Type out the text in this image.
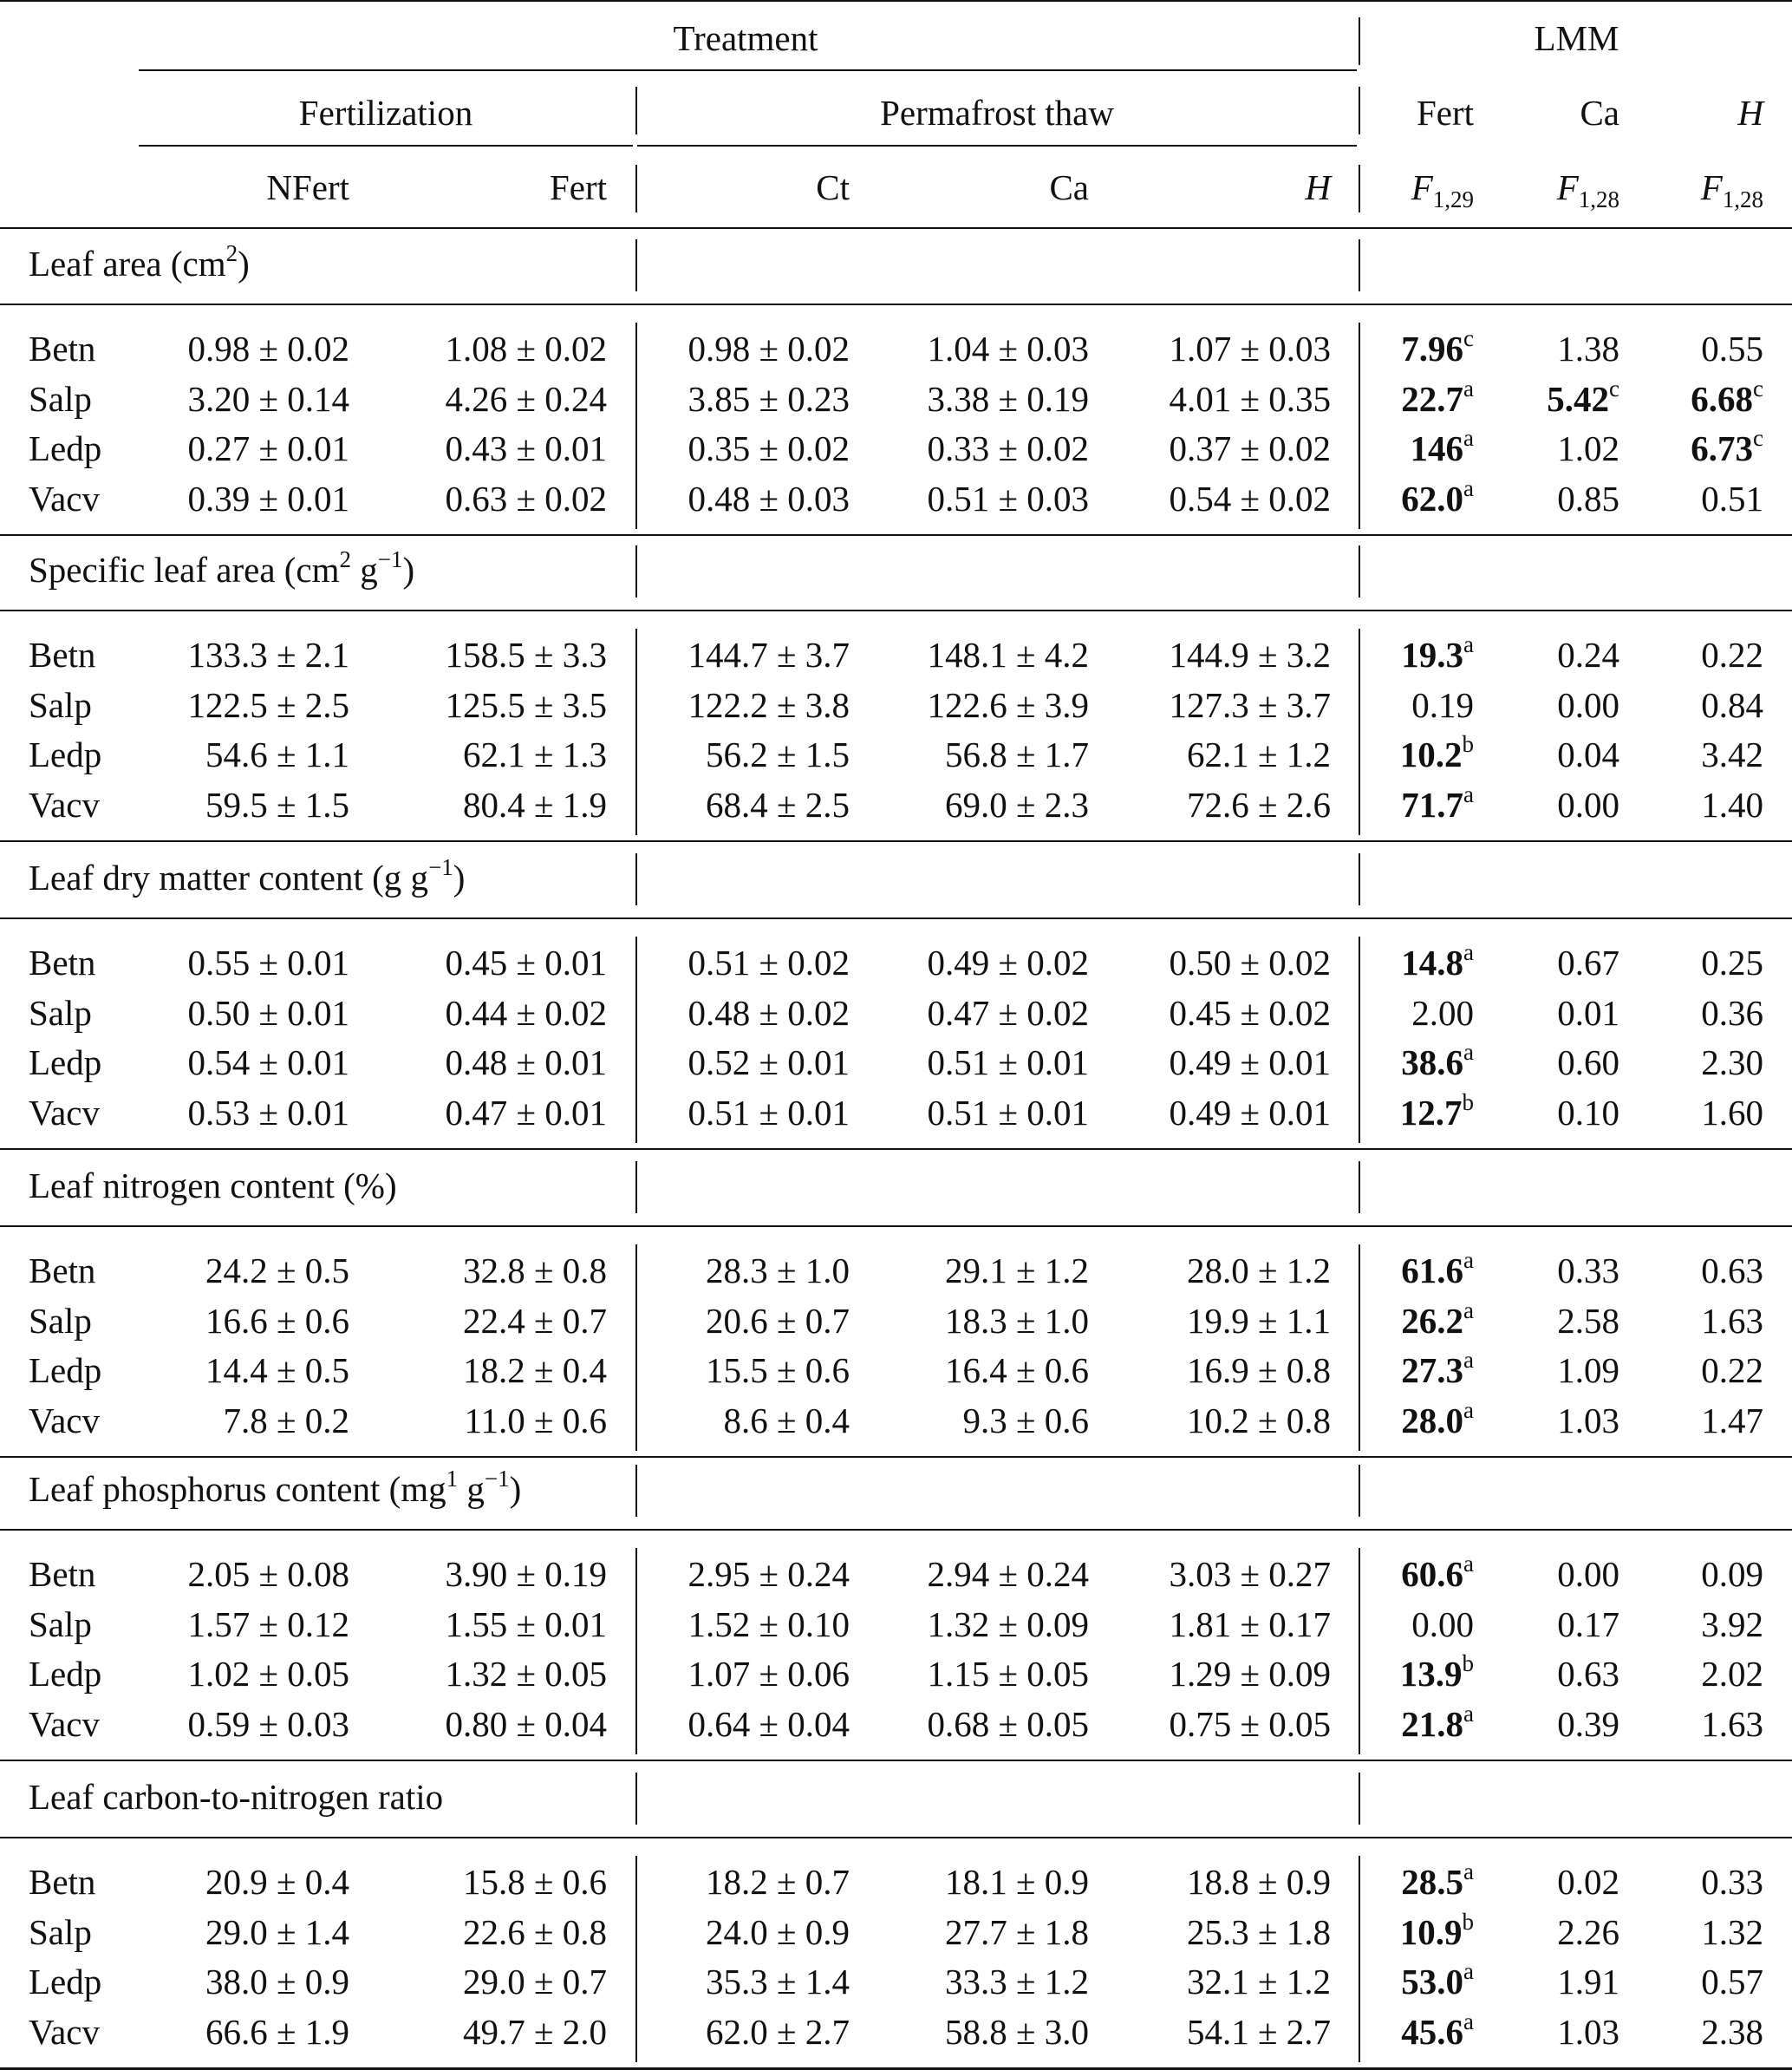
Treatment	LMM
Fertilization	Permafrost thaw	Fert	Ca	H
NFert	Fert	Ct	Ca	H	$F_{1,29}$	$F_{1,28}$	$F_{1,28}$
Leaf area $(cm^2)$
Betn	0.98 ± 0.02	1.08 ± 0.02	0.98 ± 0.02	1.04 ± 0.03	1.07 ± 0.03	7.96$^c$	1.38	0.55
Salp	3.20 ± 0.14	4.26 ± 0.24	3.85 ± 0.23	3.38 ± 0.19	4.01 ± 0.35	22.7$^a$	5.42$^c$	6.68$^c$
Ledp	0.27 ± 0.01	0.43 ± 0.01	0.35 ± 0.02	0.33 ± 0.02	0.37 ± 0.02	146$^a$	1.02	6.73$^c$
Vacv	0.39 ± 0.01	0.63 ± 0.02	0.48 ± 0.03	0.51 ± 0.03	0.54 ± 0.02	62.0$^a$	0.85	0.51
Specific leaf area ($cm^2$ $g^{-1}$)
Betn	133.3 ± 2.1	158.5 ± 3.3	144.7 ± 3.7	148.1 ± 4.2	144.9 ± 3.2	19.3$^a$	0.24	0.22
Salp	122.5 ± 2.5	125.5 ± 3.5	122.2 ± 3.8	122.6 ± 3.9	127.3 ± 3.7	0.19	0.00	0.84
Ledp	54.6 ± 1.1	62.1 ± 1.3	56.2 ± 1.5	56.8 ± 1.7	62.1 ± 1.2	10.2$^b$	0.04	3.42
Vacv	59.5 ± 1.5	80.4 ± 1.9	68.4 ± 2.5	69.0 ± 2.3	72.6 ± 2.6	71.7$^a$	0.00	1.40
Leaf dry matter content (g $g^{-1}$)
Betn	0.55 ± 0.01	0.45 ± 0.01	0.51 ± 0.02	0.49 ± 0.02	0.50 ± 0.02	14.8$^a$	0.67	0.25
Salp	0.50 ± 0.01	0.44 ± 0.02	0.48 ± 0.02	0.47 ± 0.02	0.45 ± 0.02	2.00	0.01	0.36
Ledp	0.54 ± 0.01	0.48 ± 0.01	0.52 ± 0.01	0.51 ± 0.01	0.49 ± 0.01	38.6$^a$	0.60	2.30
Vacv	0.53 ± 0.01	0.47 ± 0.01	0.51 ± 0.01	0.51 ± 0.01	0.49 ± 0.01	12.7$^b$	0.10	1.60
Leaf nitrogen content (%)
Betn	24.2 ± 0.5	32.8 ± 0.8	28.3 ± 1.0	29.1 ± 1.2	28.0 ± 1.2	61.6$^a$	0.33	0.63
Salp	16.6 ± 0.6	22.4 ± 0.7	20.6 ± 0.7	18.3 ± 1.0	19.9 ± 1.1	26.2$^a$	2.58	1.63
Ledp	14.4 ± 0.5	18.2 ± 0.4	15.5 ± 0.6	16.4 ± 0.6	16.9 ± 0.8	27.3$^a$	1.09	0.22
Vacv	7.8 ± 0.2	11.0 ± 0.6	8.6 ± 0.4	9.3 ± 0.6	10.2 ± 0.8	28.0$^a$	1.03	1.47
Leaf phosphorus content ($mg^1$ $g^{-1}$)
Betn	2.05 ± 0.08	3.90 ± 0.19	2.95 ± 0.24	2.94 ± 0.24	3.03 ± 0.27	60.6$^a$	0.00	0.09
Salp	1.57 ± 0.12	1.55 ± 0.01	1.52 ± 0.10	1.32 ± 0.09	1.81 ± 0.17	0.00	0.17	3.92
Ledp	1.02 ± 0.05	1.32 ± 0.05	1.07 ± 0.06	1.15 ± 0.05	1.29 ± 0.09	13.9$^b$	0.63	2.02
Vacv	0.59 ± 0.03	0.80 ± 0.04	0.64 ± 0.04	0.68 ± 0.05	0.75 ± 0.05	21.8$^a$	0.39	1.63
Leaf carbon-to-nitrogen ratio
Betn	20.9 ± 0.4	15.8 ± 0.6	18.2 ± 0.7	18.1 ± 0.9	18.8 ± 0.9	28.5$^a$	0.02	0.33
Salp	29.0 ± 1.4	22.6 ± 0.8	24.0 ± 0.9	27.7 ± 1.8	25.3 ± 1.8	10.9$^b$	2.26	1.32
Ledp	38.0 ± 0.9	29.0 ± 0.7	35.3 ± 1.4	33.3 ± 1.2	32.1 ± 1.2	53.0$^a$	1.91	0.57
Vacv	66.6 ± 1.9	49.7 ± 2.0	62.0 ± 2.7	58.8 ± 3.0	54.1 ± 2.7	45.6$^a$	1.03	2.38
